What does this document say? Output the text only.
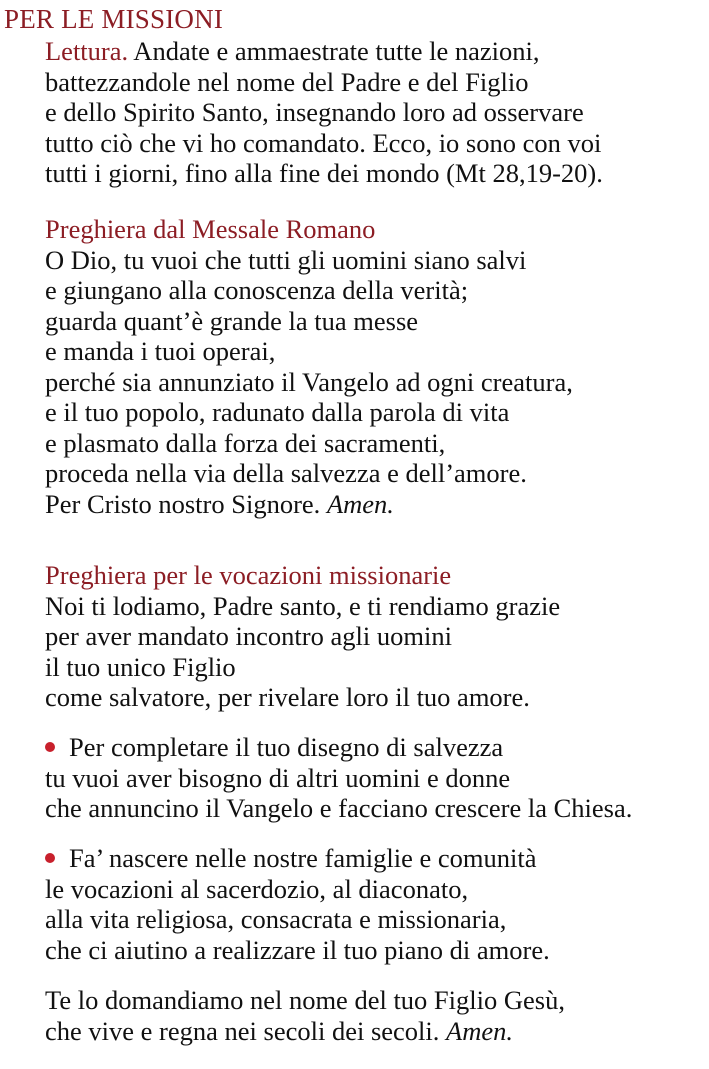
PER LE MISSIONI
Lettura. Andate e ammaestrate tutte le nazioni,
battezzandole nel nome del Padre e del Figlio
e dello Spirito Santo, insegnando loro ad osservare
tutto ciò che vi ho comandato. Ecco, io sono con voi
tutti i giorni, fino alla fine dei mondo (Mt 28,19-20).
Preghiera dal Messale Romano
O Dio, tu vuoi che tutti gli uomini siano salvi
e giungano alla conoscenza della verità;
guarda quant’è grande la tua messe
e manda i tuoi operai,
perché sia annunziato il Vangelo ad ogni creatura,
e il tuo popolo, radunato dalla parola di vita
e plasmato dalla forza dei sacramenti,
proceda nella via della salvezza e dell’amore.
Per Cristo nostro Signore. Amen.
Preghiera per le vocazioni missionarie
Noi ti lodiamo, Padre santo, e ti rendiamo grazie
per aver mandato incontro agli uomini
il tuo unico Figlio
come salvatore, per rivelare loro il tuo amore.
Per completare il tuo disegno di salvezza
tu vuoi aver bisogno di altri uomini e donne
che annuncino il Vangelo e facciano crescere la Chiesa.
Fa’ nascere nelle nostre famiglie e comunità
le vocazioni al sacerdozio, al diaconato,
alla vita religiosa, consacrata e missionaria,
che ci aiutino a realizzare il tuo piano di amore.
Te lo domandiamo nel nome del tuo Figlio Gesù,
che vive e regna nei secoli dei secoli. Amen.
